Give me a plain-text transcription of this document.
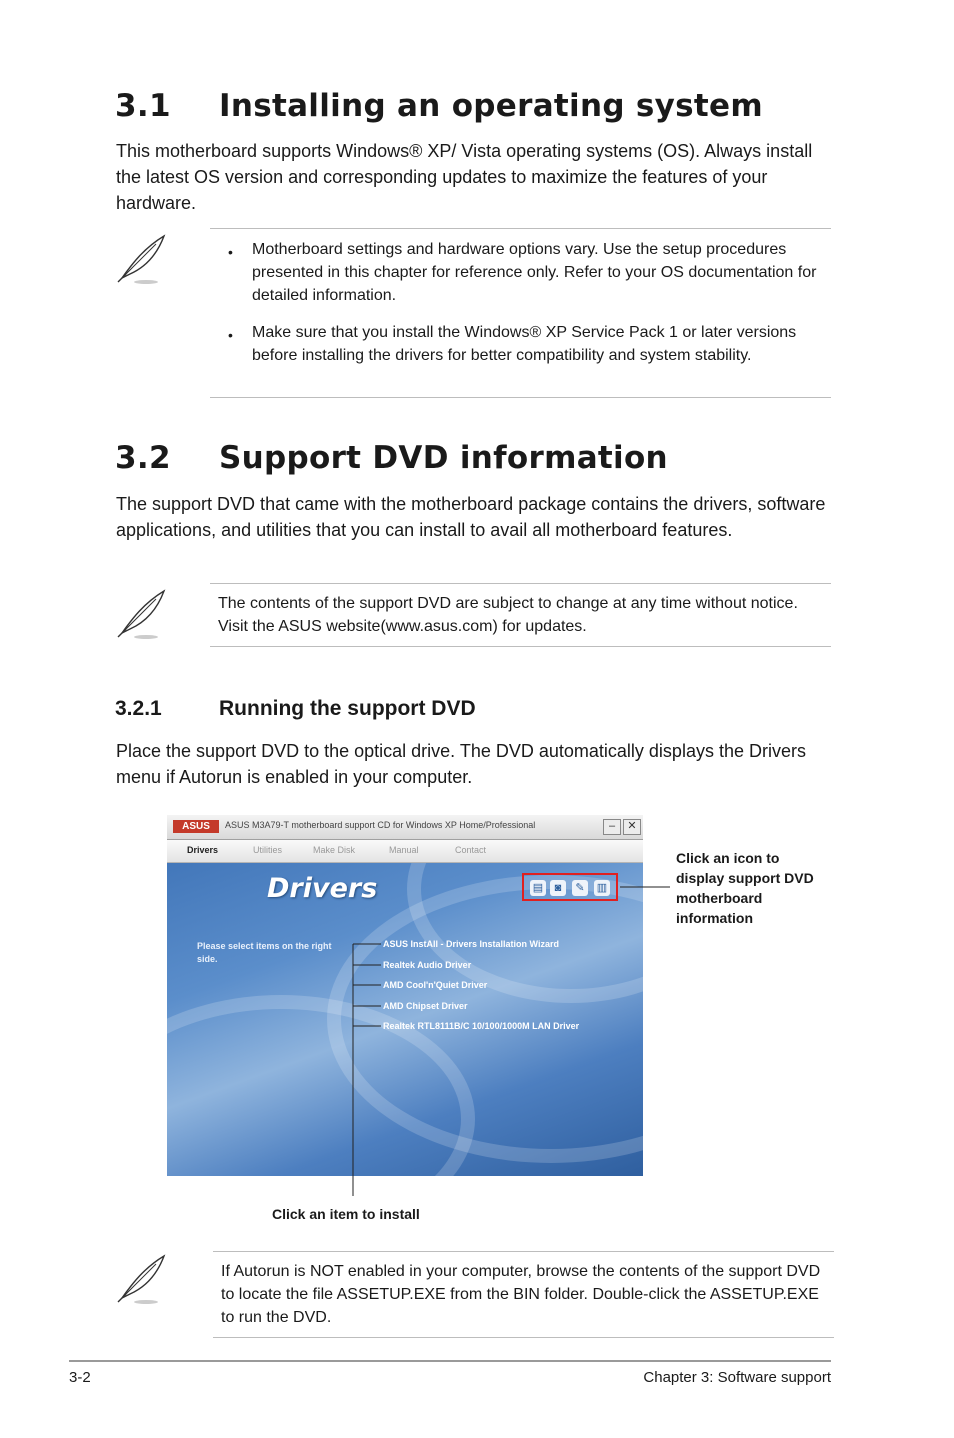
3.1 Installing an operating system
This motherboard supports Windows® XP/ Vista operating systems (OS). Always install the latest OS version and corresponding updates to maximize the features of your hardware.
• Motherboard settings and hardware options vary. Use the setup procedures presented in this chapter for reference only. Refer to your OS documentation for detailed information.
• Make sure that you install the Windows® XP Service Pack 1 or later versions before installing the drivers for better compatibility and system stability.
3.2 Support DVD information
The support DVD that came with the motherboard package contains the drivers, software applications, and utilities that you can install to avail all motherboard features.
The contents of the support DVD are subject to change at any time without notice. Visit the ASUS website(www.asus.com) for updates.
3.2.1	Running the support DVD
Place the support DVD to the optical drive. The DVD automatically displays the Drivers menu if Autorun is enabled in your computer.
ASUS	ASUS M3A79-T motherboard support CD for Windows XP Home/Professional	–	✕
Drivers	Utilities	Make Disk	Manual	Contact
Drivers	▤	◙	✎	▥
Please select items on the right side.
ASUS InstAll - Drivers Installation Wizard
Realtek Audio Driver
AMD Cool'n'Quiet Driver
AMD Chipset Driver
Realtek RTL8111B/C 10/100/1000M LAN Driver
Click an icon to display support DVD motherboard information
Click an item to install
If Autorun is NOT enabled in your computer, browse the contents of the support DVD to locate the file ASSETUP.EXE from the BIN folder. Double-click the ASSETUP.EXE to run the DVD.
3-2	Chapter 3: Software support
